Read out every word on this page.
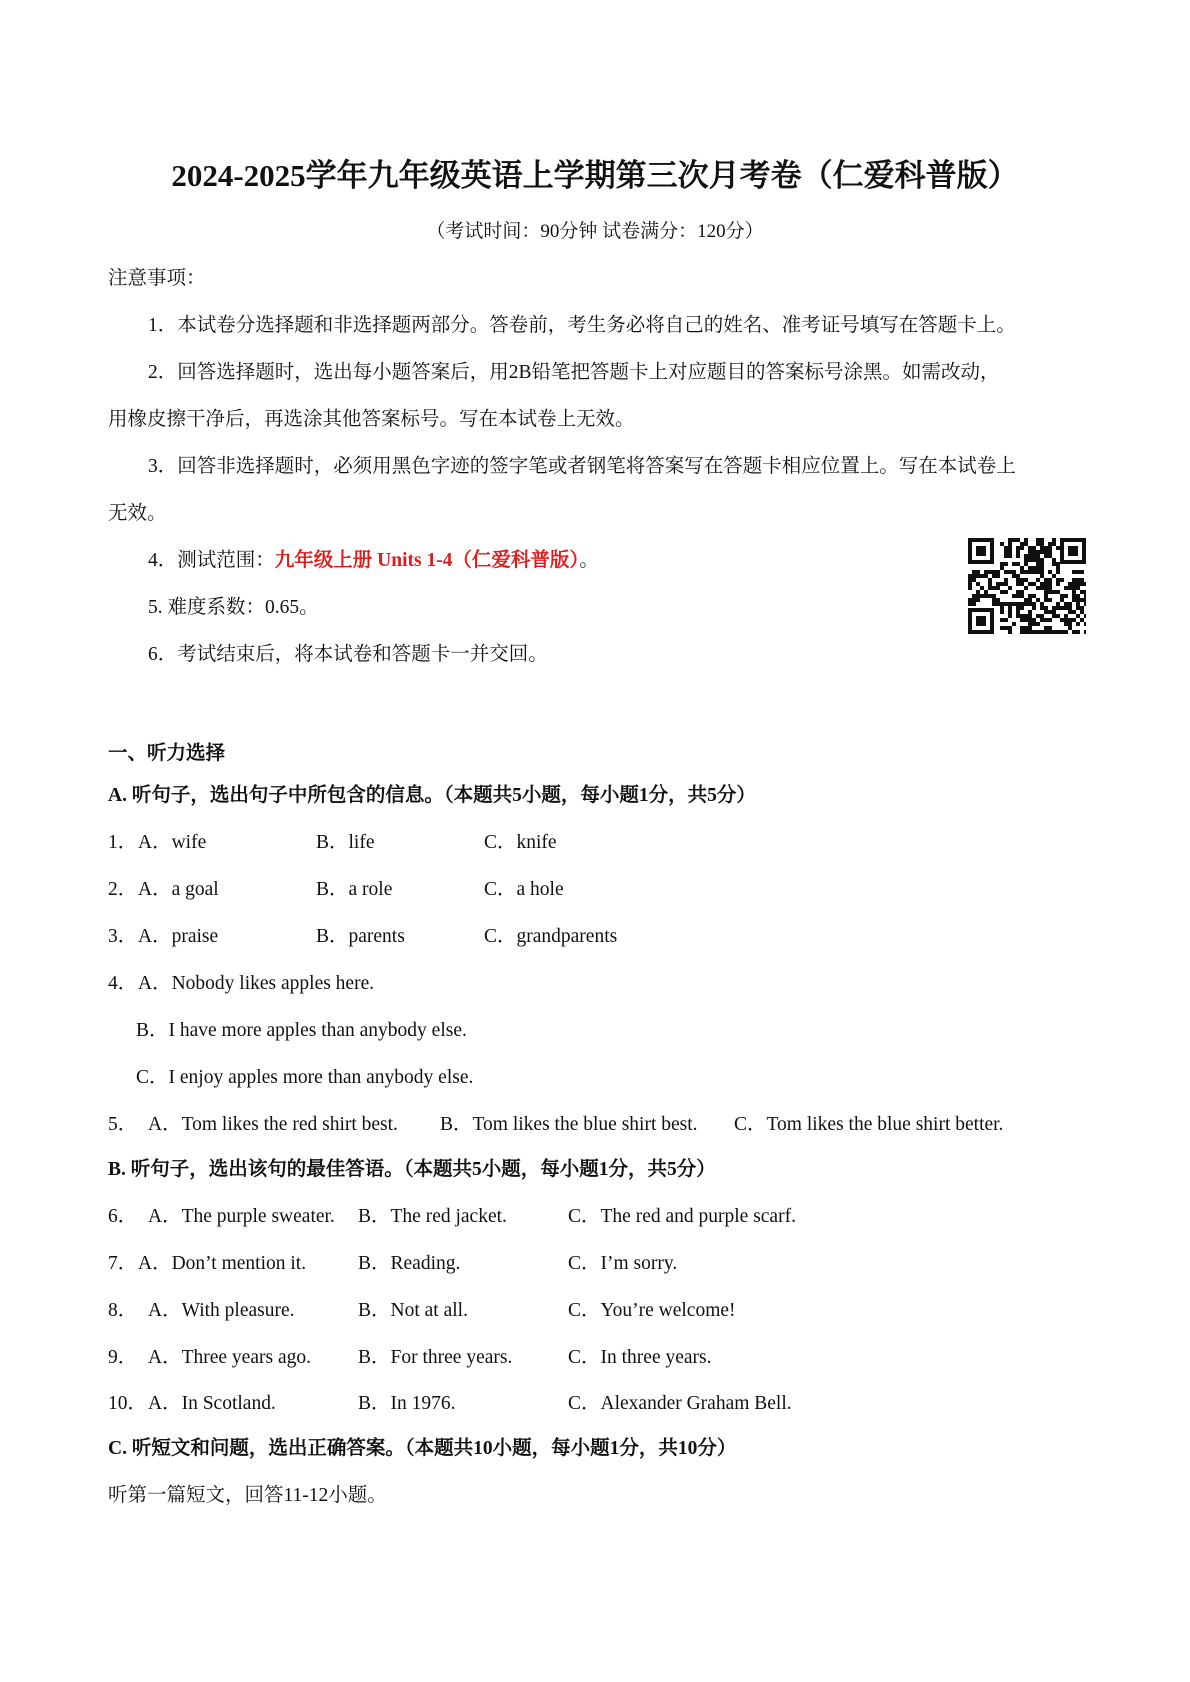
2024-2025学年九年级英语上学期第三次月考卷（仁爱科普版）
（考试时间：90分钟 试卷满分：120分）
注意事项：
1．本试卷分选择题和非选择题两部分。答卷前，考生务必将自己的姓名、准考证号填写在答题卡上。
2．回答选择题时，选出每小题答案后，用2B铅笔把答题卡上对应题目的答案标号涂黑。如需改动，
用橡皮擦干净后，再选涂其他答案标号。写在本试卷上无效。
3．回答非选择题时，必须用黑色字迹的签字笔或者钢笔将答案写在答题卡相应位置上。写在本试卷上
无效。
4．测试范围：九年级上册 Units 1-4（仁爱科普版）。
5. 难度系数：0.65。
6．考试结束后，将本试卷和答题卡一并交回。
一、听力选择
A. 听句子，选出句子中所包含的信息。（本题共5小题，每小题1分，共5分）
1． A．wife	B．life	C．knife
2． A．a goal	B．a role	C．a hole
3． A．praise	B．parents	C．grandparents
4． A．Nobody likes apples here.
B．I have more apples than anybody else.
C．I enjoy apples more than anybody else.
5． A．Tom likes the red shirt best. B．Tom likes the blue shirt best. C．Tom likes the blue shirt better.
B. 听句子，选出该句的最佳答语。（本题共5小题，每小题1分，共5分）
6． A．The purple sweater. B．The red jacket.	C．The red and purple scarf.
7． A．Don’t mention it.	B．Reading.	C．I’m sorry.
8． A．With pleasure.	B．Not at all.	C．You’re welcome!
9． A．Three years ago. B．For three years.	C．In three years.
10． A．In Scotland.	B．In 1976.	C．Alexander Graham Bell.
C. 听短文和问题，选出正确答案。（本题共10小题，每小题1分，共10分）
听第一篇短文，回答11-12小题。
